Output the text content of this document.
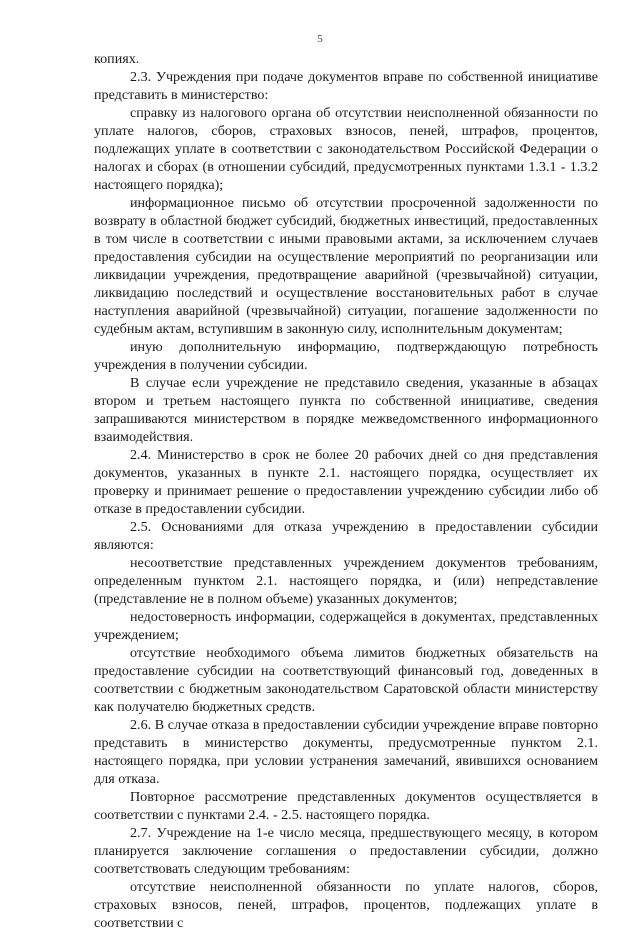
5

копиях.

2.3. Учреждения при подаче документов вправе по собственной инициативе представить в министерство:

справку из налогового органа об отсутствии неисполненной обязанности по уплате налогов, сборов, страховых взносов, пеней, штрафов, процентов, подлежащих уплате в соответствии с законодательством Российской Федерации о налогах и сборах (в отношении субсидий, предусмотренных пунктами 1.3.1 - 1.3.2 настоящего порядка);

информационное письмо об отсутствии просроченной задолженности по возврату в областной бюджет субсидий, бюджетных инвестиций, предоставленных в том числе в соответствии с иными правовыми актами, за исключением случаев предоставления субсидии на осуществление мероприятий по реорганизации или ликвидации учреждения, предотвращение аварийной (чрезвычайной) ситуации, ликвидацию последствий и осуществление восстановительных работ в случае наступления аварийной (чрезвычайной) ситуации, погашение задолженности по судебным актам, вступившим в законную силу, исполнительным документам;

иную дополнительную информацию, подтверждающую потребность учреждения в получении субсидии.

В случае если учреждение не представило сведения, указанные в абзацах втором и третьем настоящего пункта по собственной инициативе, сведения запрашиваются министерством в порядке межведомственного информационного взаимодействия.

2.4. Министерство в срок не более 20 рабочих дней со дня представления документов, указанных в пункте 2.1. настоящего порядка, осуществляет их проверку и принимает решение о предоставлении учреждению субсидии либо об отказе в предоставлении субсидии.

2.5. Основаниями для отказа учреждению в предоставлении субсидии являются:

несоответствие представленных учреждением документов требованиям, определенным пунктом 2.1. настоящего порядка, и (или) непредставление (представление не в полном объеме) указанных документов;

недостоверность информации, содержащейся в документах, представленных учреждением;

отсутствие необходимого объема лимитов бюджетных обязательств на предоставление субсидии на соответствующий финансовый год, доведенных в соответствии с бюджетным законодательством Саратовской области министерству как получателю бюджетных средств.

2.6. В случае отказа в предоставлении субсидии учреждение вправе повторно представить в министерство документы, предусмотренные пунктом 2.1. настоящего порядка, при условии устранения замечаний, явившихся основанием для отказа.

Повторное рассмотрение представленных документов осуществляется в соответствии с пунктами 2.4. - 2.5. настоящего порядка.

2.7. Учреждение на 1-е число месяца, предшествующего месяцу, в котором планируется заключение соглашения о предоставлении субсидии, должно соответствовать следующим требованиям:

отсутствие неисполненной обязанности по уплате налогов, сборов, страховых взносов, пеней, штрафов, процентов, подлежащих уплате в соответствии с
